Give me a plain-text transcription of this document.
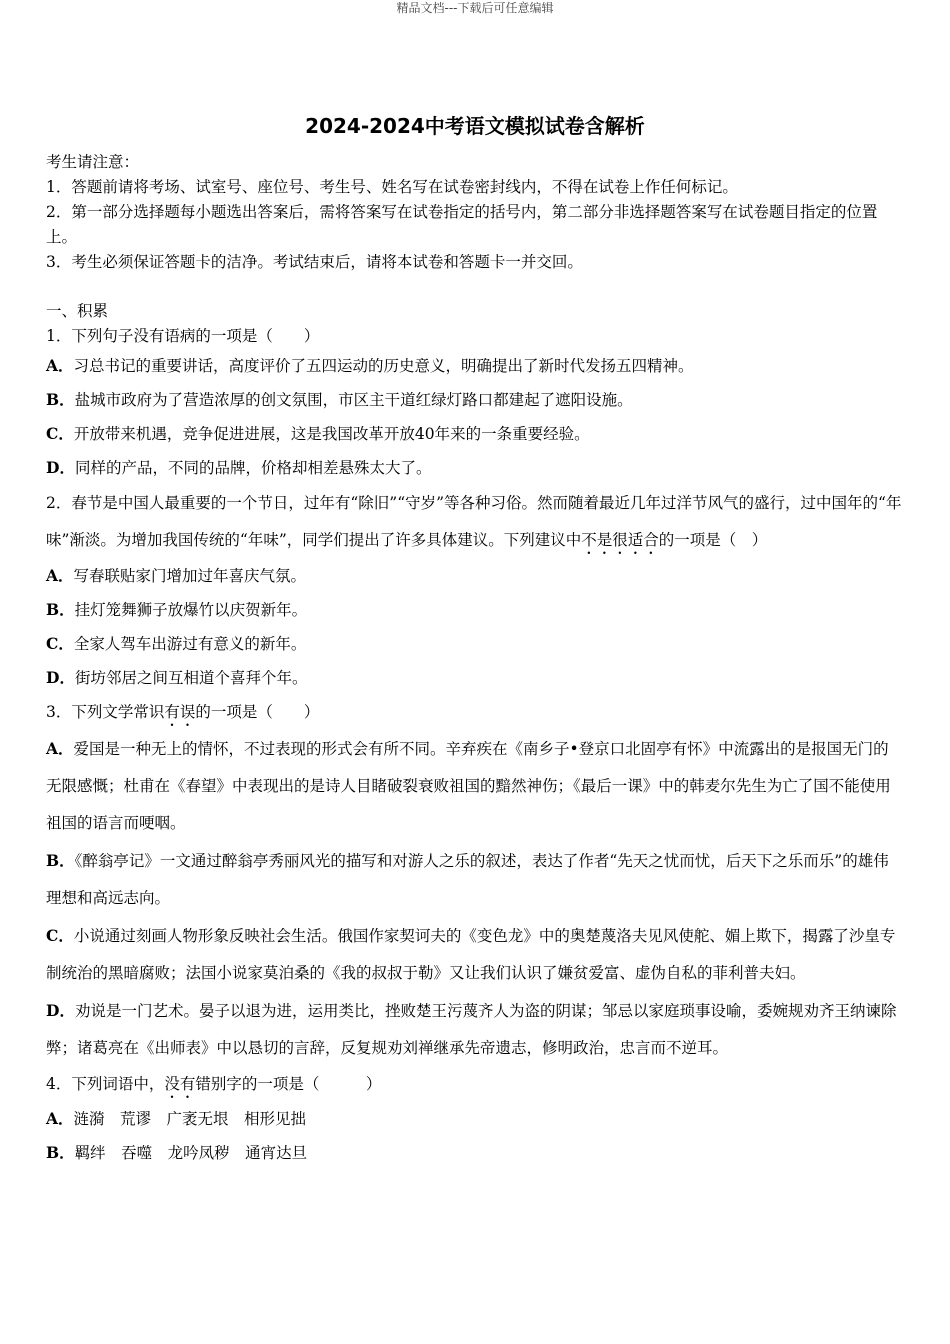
精品文档---下载后可任意编辑
2024-2024中考语文模拟试卷含解析

考生请注意：

1．答题前请将考场、试室号、座位号、考生号、姓名写在试卷密封线内，不得在试卷上作任何标记。

2．第一部分选择题每小题选出答案后，需将答案写在试卷指定的括号内，第二部分非选择题答案写在试卷题目指定的位置上。

3．考生必须保证答题卡的洁净。考试结束后，请将本试卷和答题卡一并交回。

一、积累

1．下列句子没有语病的一项是（　　）

A．习总书记的重要讲话，高度评价了五四运动的历史意义，明确提出了新时代发扬五四精神。

B．盐城市政府为了营造浓厚的创文氛围，市区主干道红绿灯路口都建起了遮阳设施。

C．开放带来机遇，竞争促进进展，这是我国改革开放40年来的一条重要经验。

D．同样的产品，不同的品牌，价格却相差悬殊太大了。

2．春节是中国人最重要的一个节日，过年有“除旧”“守岁”等各种习俗。然而随着最近几年过洋节风气的盛行，过中国年的“年味”渐淡。为增加我国传统的“年味”，同学们提出了许多具体建议。下列建议中不是很适合的一项是（　）

A．写春联贴家门增加过年喜庆气氛。

B．挂灯笼舞狮子放爆竹以庆贺新年。

C．全家人驾车出游过有意义的新年。

D．街坊邻居之间互相道个喜拜个年。

3．下列文学常识有误的一项是（　　）

A．爱国是一种无上的情怀，不过表现的形式会有所不同。辛弃疾在《南乡子•登京口北固亭有怀》中流露出的是报国无门的无限感慨；杜甫在《春望》中表现出的是诗人目睹破裂衰败祖国的黯然神伤；《最后一课》中的韩麦尔先生为亡了国不能使用祖国的语言而哽咽。

B．《醉翁亭记》一文通过醉翁亭秀丽风光的描写和对游人之乐的叙述，表达了作者“先天之忧而忧，后天下之乐而乐”的雄伟理想和高远志向。

C．小说通过刻画人物形象反映社会生活。俄国作家契诃夫的《变色龙》中的奥楚蔑洛夫见风使舵、媚上欺下，揭露了沙皇专制统治的黑暗腐败；法国小说家莫泊桑的《我的叔叔于勒》又让我们认识了嫌贫爱富、虚伪自私的菲利普夫妇。

D．劝说是一门艺术。晏子以退为进，运用类比，挫败楚王污蔑齐人为盗的阴谋；邹忌以家庭琐事设喻，委婉规劝齐王纳谏除弊；诸葛亮在《出师表》中以恳切的言辞，反复规劝刘禅继承先帝遗志，修明政治，忠言而不逆耳。

4．下列词语中，没有错别字的一项是（　　　）

A．涟漪　荒谬　广袤无垠　相形见拙

B．羁绊　吞噬　龙吟凤秽　通宵达旦
